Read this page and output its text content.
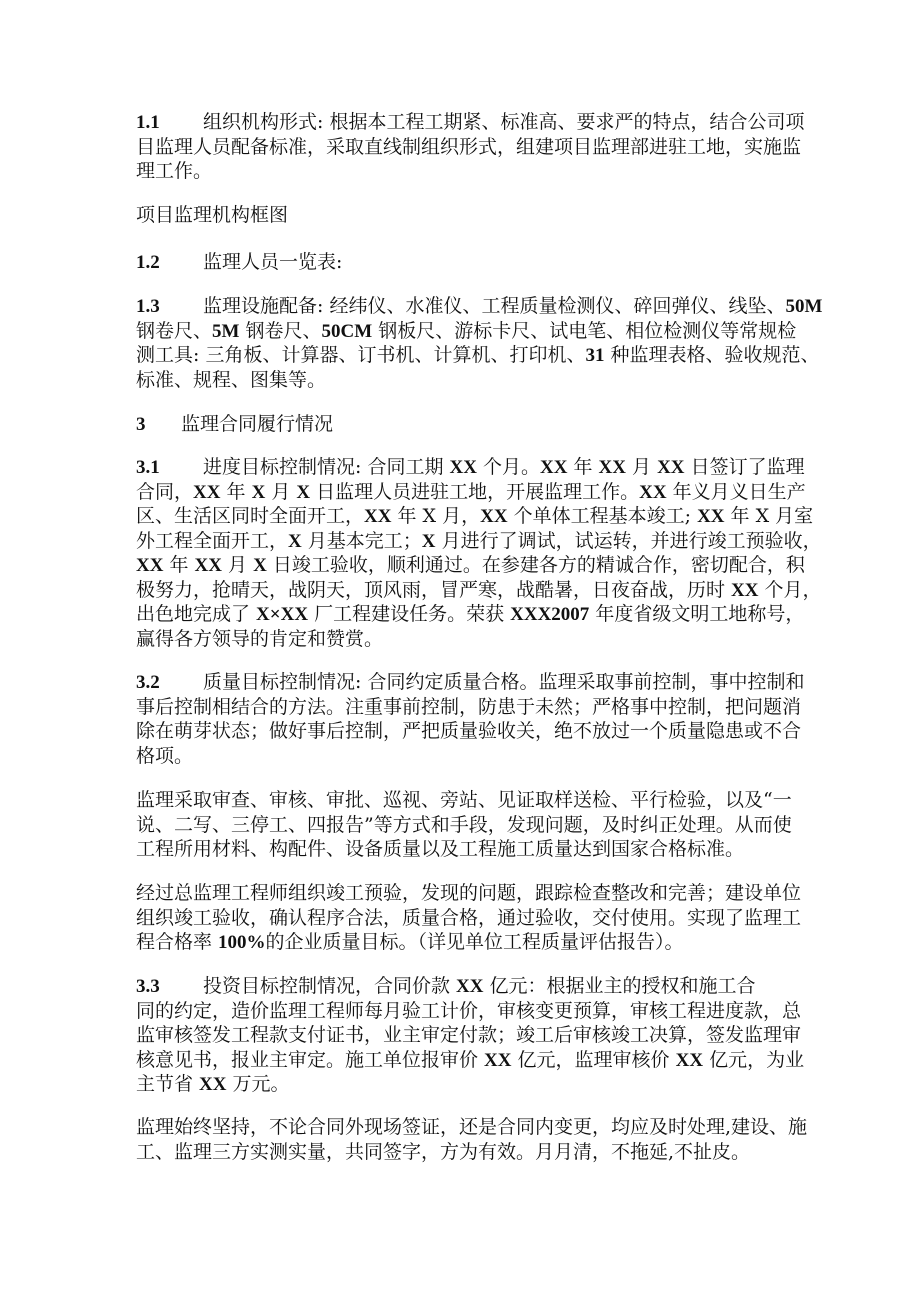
1.1 组织机构形式: 根据本工程工期紧、标准高、要求严的特点，结合公司项
目监理人员配备标准，采取直线制组织形式，组建项目监理部进驻工地，实施监
理工作。
项目监理机构框图
1.2 监理人员一览表:
1.3 监理设施配备: 经纬仪、水准仪、工程质量检测仪、碎回弹仪、线坠、50M
钢卷尺、5M 钢卷尺、50CM 钢板尺、游标卡尺、试电笔、相位检测仪等常规检
测工具: 三角板、计算器、订书机、计算机、打印机、31 种监理表格、验收规范、
标准、规程、图集等。
3 监理合同履行情况
3.1 进度目标控制情况: 合同工期 XX 个月。XX 年 XX 月 XX 日签订了监理
合同，XX 年 X 月 X 日监理人员进驻工地，开展监理工作。XX 年义月义日生产
区、生活区同时全面开工，XX 年 X 月，XX 个单体工程基本竣工; XX 年 X 月室
外工程全面开工，X 月基本完工；X 月进行了调试，试运转，并进行竣工预验收，
XX 年 XX 月 X 日竣工验收，顺利通过。在参建各方的精诚合作，密切配合，积
极努力，抢晴天，战阴天，顶风雨，冒严寒，战酷暑，日夜奋战，历时 XX 个月，
出色地完成了 X×XX 厂工程建设任务。荣获 XXX2007 年度省级文明工地称号，
赢得各方领导的肯定和赞赏。
3.2 质量目标控制情况: 合同约定质量合格。监理采取事前控制，事中控制和
事后控制相结合的方法。注重事前控制，防患于未然；严格事中控制，把问题消
除在萌芽状态；做好事后控制，严把质量验收关，绝不放过一个质量隐患或不合
格项。
监理采取审查、审核、审批、巡视、旁站、见证取样送检、平行检验，以及“一
说、二写、三停工、四报告”等方式和手段，发现问题，及时纠正处理。从而使
工程所用材料、构配件、设备质量以及工程施工质量达到国家合格标准。
经过总监理工程师组织竣工预验，发现的问题，跟踪检查整改和完善；建设单位
组织竣工验收，确认程序合法，质量合格，通过验收，交付使用。实现了监理工
程合格率 100%的企业质量目标。（详见单位工程质量评估报告）。
3.3 投资目标控制情况，合同价款 XX 亿元：根据业主的授权和施工合
同的约定，造价监理工程师每月验工计价，审核变更预算，审核工程进度款，总
监审核签发工程款支付证书，业主审定付款；竣工后审核竣工决算，签发监理审
核意见书，报业主审定。施工单位报审价 XX 亿元，监理审核价 XX 亿元，为业
主节省 XX 万元。
监理始终坚持，不论合同外现场签证，还是合同内变更，均应及时处理,建设、施
工、监理三方实测实量，共同签字，方为有效。月月清，不拖延,不扯皮。
